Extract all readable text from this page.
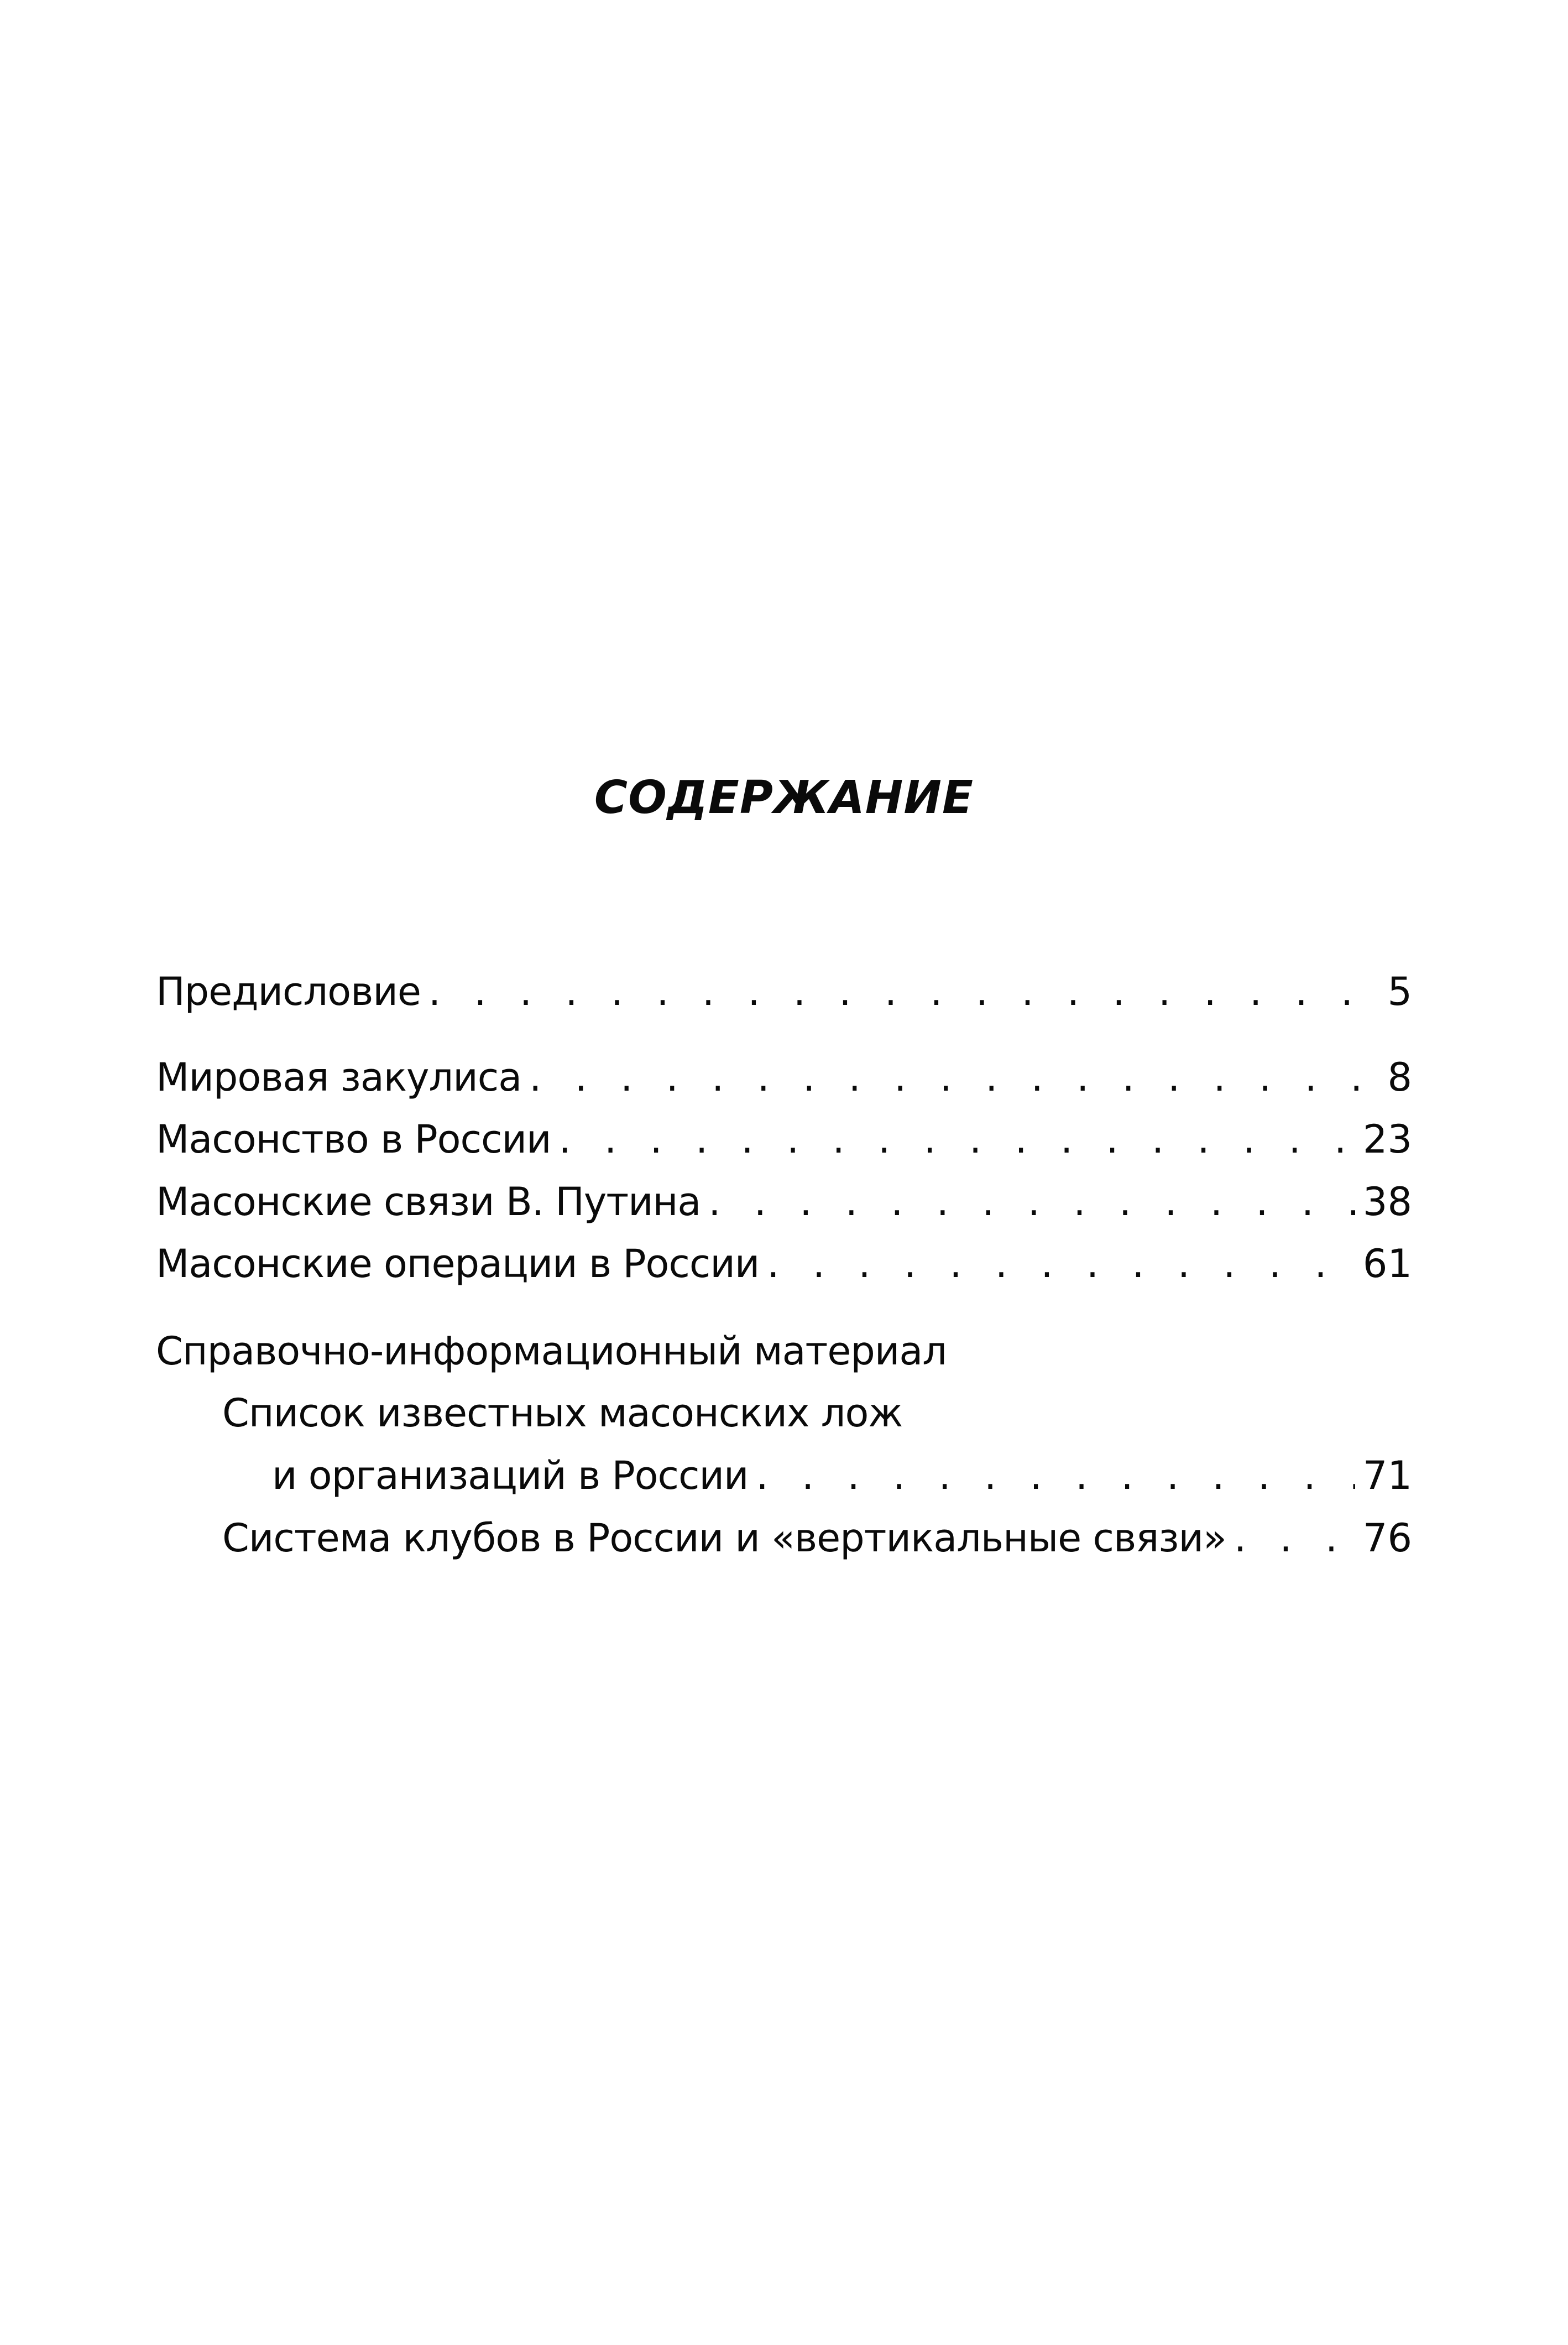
СОДЕРЖАНИЕ
Предисловие . . .	5
Мировая закулиса . . .	8
Масонство в России . . .	23
Масонские связи В. Путина . . .	38
Масонские операции в России . . .	61
Справочно-информационный материал
Список известных масонских лож
и организаций в России . . .	71
Система клубов в России и «вертикальные связи» . . .	76
